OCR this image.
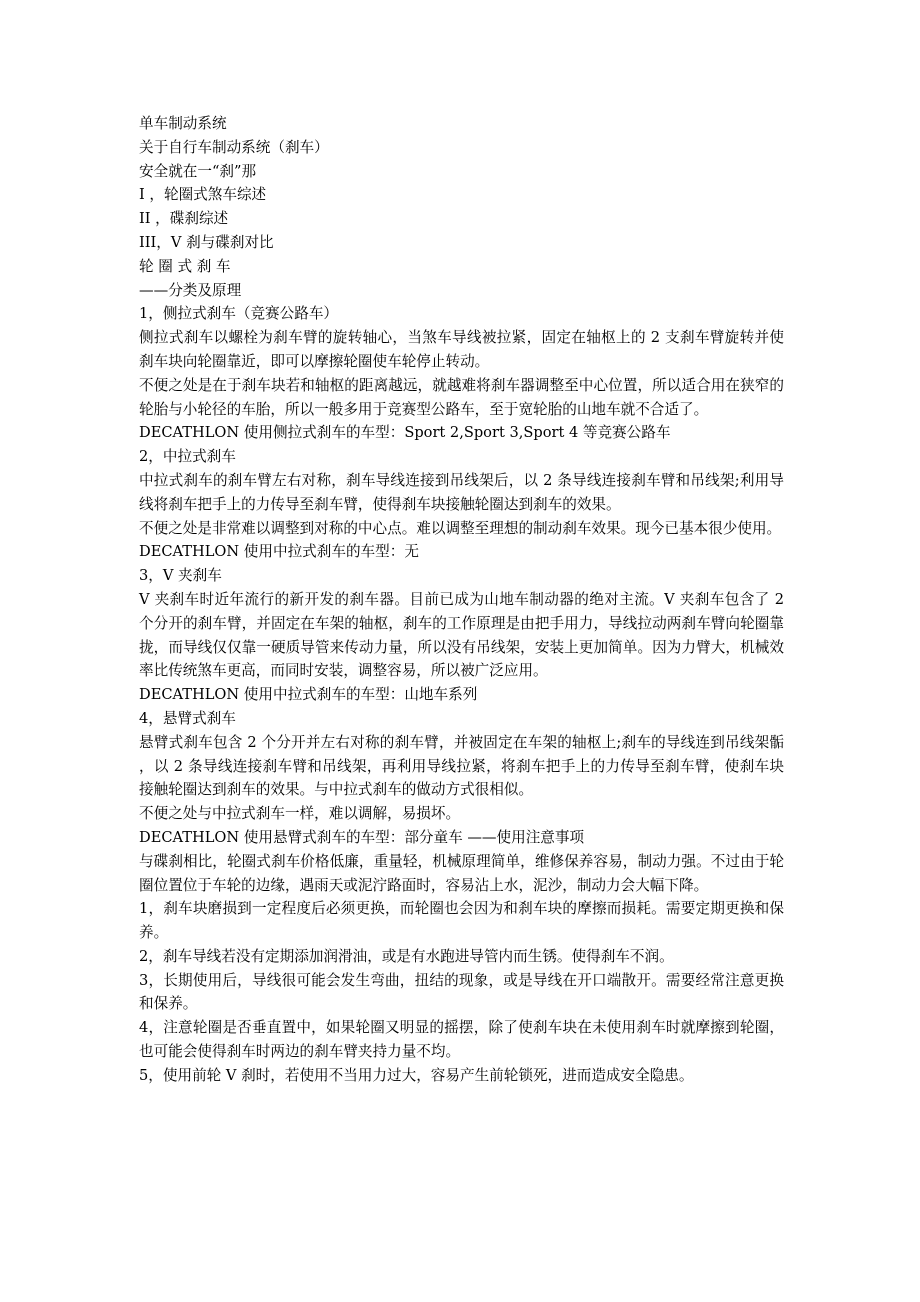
单车制动系统

关于自行车制动系统（刹车）

安全就在一“刹”那

I ，轮圈式煞车综述

II ，碟刹综述

III，V 刹与碟刹对比

轮 圈 式 刹 车

——分类及原理

1，侧拉式刹车（竞赛公路车）

侧拉式刹车以螺栓为刹车臂的旋转轴心，当煞车导线被拉紧，固定在轴枢上的 2 支刹车臂旋转并使刹车块向轮圈靠近，即可以摩擦轮圈使车轮停止转动。

不便之处是在于刹车块若和轴枢的距离越远，就越难将刹车器调整至中心位置，所以适合用在狭窄的轮胎与小轮径的车胎，所以一般多用于竞赛型公路车，至于宽轮胎的山地车就不合适了。

DECATHLON 使用侧拉式刹车的车型：Sport 2,Sport 3,Sport 4 等竞赛公路车

2，中拉式刹车

中拉式刹车的刹车臂左右对称，刹车导线连接到吊线架后，以 2 条导线连接刹车臂和吊线架;利用导线将刹车把手上的力传导至刹车臂，使得刹车块接触轮圈达到刹车的效果。

不便之处是非常难以调整到对称的中心点。难以调整至理想的制动刹车效果。现今已基本很少使用。

DECATHLON 使用中拉式刹车的车型：无

3，V 夹刹车

V 夹刹车时近年流行的新开发的刹车器。目前已成为山地车制动器的绝对主流。V 夹刹车包含了 2 个分开的刹车臂，并固定在车架的轴枢，刹车的工作原理是由把手用力，导线拉动两刹车臂向轮圈靠拢，而导线仅仅靠一硬质导管来传动力量，所以没有吊线架，安装上更加简单。因为力臂大，机械效率比传统煞车更高，而同时安装，调整容易，所以被广泛应用。

DECATHLON 使用中拉式刹车的车型：山地车系列

4，悬臂式刹车

悬臂式刹车包含 2 个分开并左右对称的刹车臂，并被固定在车架的轴枢上;刹车的导线连到吊线架骺 ，以 2 条导线连接刹车臂和吊线架，再利用导线拉紧，将刹车把手上的力传导至刹车臂，使刹车块接触轮圈达到刹车的效果。与中拉式刹车的做动方式很相似。

不便之处与中拉式刹车一样，难以调解，易损坏。

DECATHLON 使用悬臂式刹车的车型：部分童车 ——使用注意事项

与碟刹相比，轮圈式刹车价格低廉，重量轻，机械原理简单，维修保养容易，制动力强。不过由于轮圈位置位于车轮的边缘，遇雨天或泥泞路面时，容易沾上水，泥沙，制动力会大幅下降。

1，刹车块磨损到一定程度后必须更换，而轮圈也会因为和刹车块的摩擦而损耗。需要定期更换和保养。

2，刹车导线若没有定期添加润滑油，或是有水跑进导管内而生锈。使得刹车不润。

3，长期使用后，导线很可能会发生弯曲，扭结的现象，或是导线在开口端散开。需要经常注意更换和保养。

4，注意轮圈是否垂直置中，如果轮圈又明显的摇摆，除了使刹车块在未使用刹车时就摩擦到轮圈，也可能会使得刹车时两边的刹车臂夹持力量不均。

5，使用前轮 V 刹时，若使用不当用力过大，容易产生前轮锁死，进而造成安全隐患。
